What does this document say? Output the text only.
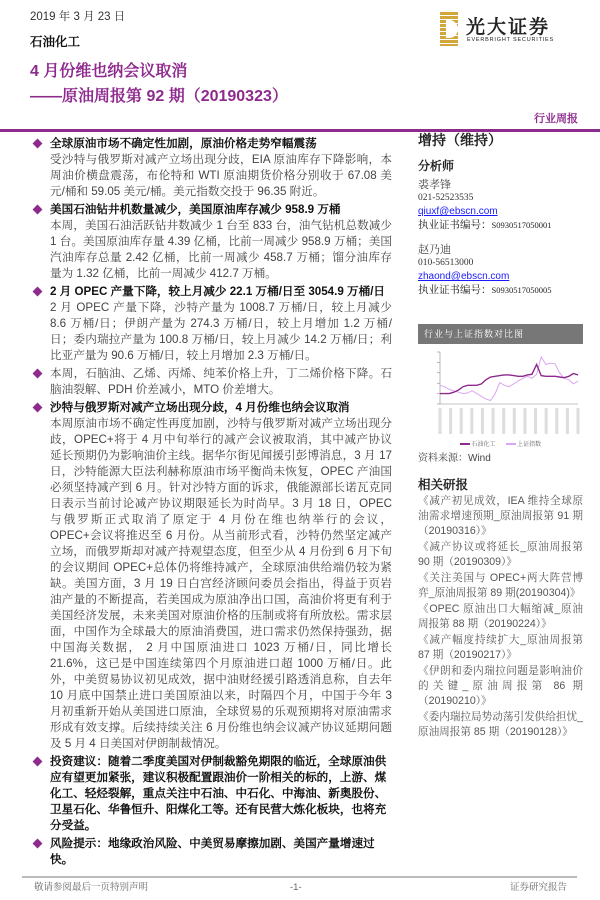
2019 年 3 月 23 日
石油化工
4 月份维也纳会议取消
——原油周报第 92 期（20190323）
光大证券
EVERBRIGHT SECURITIES
行业周报
全球原油市场不确定性加剧，原油价格走势窄幅震荡
受沙特与俄罗斯对减产立场出现分歧，EIA 原油库存下降影响，本周油价横盘震荡，布伦特和 WTI 原油期货价格分别收于 67.08 美元/桶和 59.05 美元/桶。美元指数交投于 96.35 附近。
美国石油钻井机数量减少，美国原油库存减少 958.9 万桶
本周，美国石油活跃钻井数减少 1 台至 833 台，油气钻机总数减少 1 台。美国原油库存量 4.39 亿桶，比前一周减少 958.9 万桶；美国汽油库存总量 2.42 亿桶，比前一周减少 458.7 万桶；馏分油库存量为 1.32 亿桶，比前一周减少 412.7 万桶。
2 月 OPEC 产量下降，较上月减少 22.1 万桶/日至 3054.9 万桶/日
2 月 OPEC 产量下降，沙特产量为 1008.7 万桶/日，较上月减少 8.6 万桶/日；伊朗产量为 274.3 万桶/日，较上月增加 1.2 万桶/日；委内瑞拉产量为 100.8 万桶/日，较上月减少 14.2 万桶/日；利比亚产量为 90.6 万桶/日，较上月增加 2.3 万桶/日。
本周，石脑油、乙烯、丙烯、纯苯价格上升，丁二烯价格下降。石脑油裂解、PDH 价差减小，MTO 价差增大。
沙特与俄罗斯对减产立场出现分歧，4 月份维也纳会议取消
本周原油市场不确定性再度加剧，沙特与俄罗斯对减产立场出现分歧，OPEC+将于 4 月中旬举行的减产会议被取消，其中减产协议延长预期仍为影响油价主线。据华尔街见闻援引彭博消息，3 月 17 日，沙特能源大臣法利赫称原油市场平衡尚未恢复，OPEC 产油国必须坚持减产到 6 月。针对沙特方面的诉求，俄能源部长诺瓦克同日表示当前讨论减产协议期限延长为时尚早。3 月 18 日，OPEC 与俄罗斯正式取消了原定于 4 月份在维也纳举行的会议，OPEC+会议将推迟至 6 月份。从当前形式看，沙特仍然坚定减产立场，而俄罗斯却对减产持观望态度，但至少从 4 月份到 6 月下旬的会议期间 OPEC+总体仍将维持减产，全球原油供给端仍较为紧缺。美国方面，3 月 19 日白宫经济顾问委员会指出，得益于页岩油产量的不断提高，若美国成为原油净出口国，高油价将更有利于美国经济发展，未来美国对原油价格的压制或将有所放松。需求层面，中国作为全球最大的原油消费国，进口需求仍然保持强劲，据中国海关数据， 2 月中国原油进口 1023 万桶/日，同比增长 21.6%，这已是中国连续第四个月原油进口超 1000 万桶/日。此外，中美贸易协议初见成效，据中油财经援引路透消息称，自去年 10 月底中国禁止进口美国原油以来，时隔四个月，中国于今年 3 月初重新开始从美国进口原油，全球贸易的乐观预期将对原油需求形成有效支撑。后续持续关注 6 月份维也纳会议减产协议延期问题及 5 月 4 日美国对伊朗制裁情况。
投资建议：随着二季度美国对伊制裁豁免期限的临近，全球原油供应有望更加紧张，建议积极配置跟油价一阶相关的标的，上游、煤化工、轻烃裂解，重点关注中石油、中石化、中海油、新奥股份、卫星石化、华鲁恒升、阳煤化工等。还有民营大炼化板块，也将充分受益。
风险提示：地缘政治风险、中美贸易摩擦加剧、美国产量增速过快。
增持（维持）
分析师
裘孝锋
021-52523535
qiuxf@ebscn.com
执业证书编号：S0930517050001
赵乃迪
010-56513000
zhaond@ebscn.com
执业证书编号：S0930517050005
行业与上证指数对比图
石油化工	上证指数
资料来源：Wind
相关研报
《减产初见成效，IEA 维持全球原油需求增速预期_原油周报第 91 期（20190316）》
《减产协议或将延长_原油周报第 90 期（20190309）》
《关注美国与 OPEC+两大阵营博弈_原油周报第 89 期(20190304)》
《OPEC 原油出口大幅缩减_原油周报第 88 期（20190224）》
《减产幅度持续扩大_原油周报第 87 期（20190217）》
《伊朗和委内瑞拉问题是影响油价的关键_原油周报第 86 期（20190210）》
《委内瑞拉局势动荡引发供给担忧_原油周报第 85 期（20190128）》
敬请参阅最后一页特别声明	-1-	证券研究报告
